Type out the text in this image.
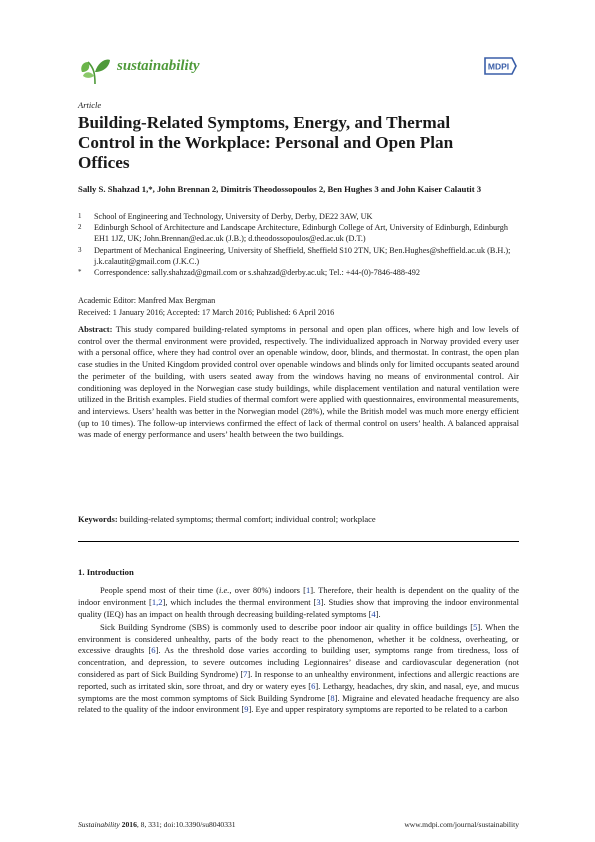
sustainability	MDPI
Article
Building-Related Symptoms, Energy, and Thermal Control in the Workplace: Personal and Open Plan Offices
Sally S. Shahzad 1,*, John Brennan 2, Dimitris Theodossopoulos 2, Ben Hughes 3 and John Kaiser Calautit 3
1 School of Engineering and Technology, University of Derby, Derby, DE22 3AW, UK
2 Edinburgh School of Architecture and Landscape Architecture, Edinburgh College of Art, University of Edinburgh, Edinburgh EH1 1JZ, UK; John.Brennan@ed.ac.uk (J.B.); d.theodossopoulos@ed.ac.uk (D.T.)
3 Department of Mechanical Engineering, University of Sheffield, Sheffield S10 2TN, UK; Ben.Hughes@sheffield.ac.uk (B.H.); j.k.calautit@gmail.com (J.K.C.)
* Correspondence: sally.shahzad@gmail.com or s.shahzad@derby.ac.uk; Tel.: +44-(0)-7846-488-492
Academic Editor: Manfred Max Bergman
Received: 1 January 2016; Accepted: 17 March 2016; Published: 6 April 2016
Abstract: This study compared building-related symptoms in personal and open plan offices, where high and low levels of control over the thermal environment were provided, respectively. The individualized approach in Norway provided every user with a personal office, where they had control over an openable window, door, blinds, and thermostat. In contrast, the open plan case studies in the United Kingdom provided control over openable windows and blinds only for limited occupants seated around the perimeter of the building, with users seated away from the windows having no means of environmental control. Air conditioning was deployed in the Norwegian case study buildings, while displacement ventilation and natural ventilation were utilized in the British examples. Field studies of thermal comfort were applied with questionnaires, environmental measurements, and interviews. Users’ health was better in the Norwegian model (28%), while the British model was much more energy efficient (up to 10 times). The follow-up interviews confirmed the effect of lack of thermal control on users’ health. A balanced appraisal was made of energy performance and users’ health between the two buildings.
Keywords: building-related symptoms; thermal comfort; individual control; workplace
1. Introduction

People spend most of their time (i.e., over 80%) indoors [1]. Therefore, their health is dependent on the quality of the indoor environment [1,2], which includes the thermal environment [3]. Studies show that improving the indoor environmental quality (IEQ) has an impact on health through decreasing building-related symptoms [4].

Sick Building Syndrome (SBS) is commonly used to describe poor indoor air quality in office buildings [5]. When the environment is considered unhealthy, parts of the body react to the phenomenon, whether it be coldness, overheating, or excessive draughts [6]. As the threshold dose varies according to building user, symptoms range from tiredness, loss of concentration, and depression, to severe outcomes including Legionnaires’ disease and cardiovascular degeneration (not considered as part of Sick Building Syndrome) [7]. In response to an unhealthy environment, infections and allergic reactions are reported, such as irritated skin, sore throat, and dry or watery eyes [6]. Lethargy, headaches, dry skin, and nasal, eye, and mucus symptoms are the most common symptoms of Sick Building Syndrome [8]. Migraine and elevated headache frequency are also related to the quality of the indoor environment [9]. Eye and upper respiratory symptoms are reported to be related to a carbon

Sustainability 2016, 8, 331; doi:10.3390/su8040331	www.mdpi.com/journal/sustainability
